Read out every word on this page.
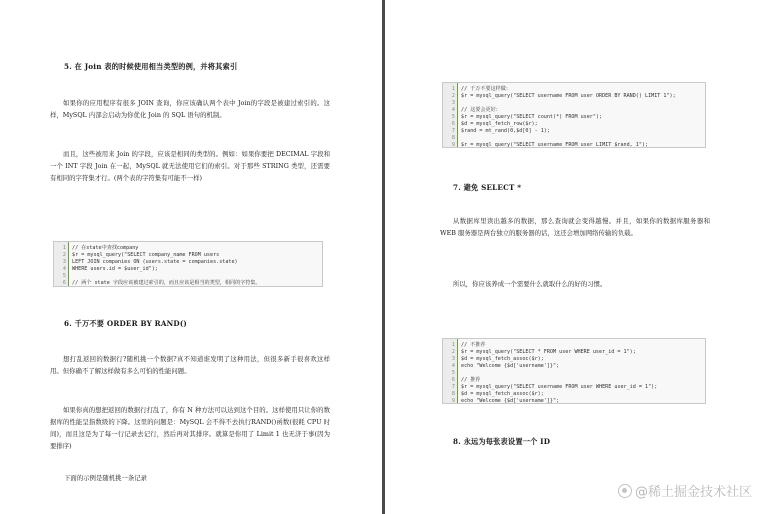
5. 在 Join 表的时候使用相当类型的例，并将其索引
如果你的应用程序有很多 JOIN 查询，你应该确认两个表中 Join的字段是被建过索引的。这样，MySQL 内部会启动为你优化 Join 的 SQL 语句的机制。
而且，这些被用来 Join 的字段，应该是相同的类型的。例如：如果你要把 DECIMAL 字段和一个 INT 字段 Join 在一起，MySQL 就无法使用它们的索引。对于那些 STRING 类型，还需要有相同的字符集才行。(两个表的字符集有可能不一样)
1 // 在state中查找company
2 $r = mysql_query("SELECT company_name FROM users
3 LEFT JOIN companies ON (users.state = companies.state)
4 WHERE users.id = $user_id");
5
6 // 两个 state 字段应该被建过索引的，而且应该是相当的类型，相同的字符集。
6. 千万不要 ORDER BY RAND()
想打乱返回的数据行?随机挑一个数据?真不知道谁发明了这种用法，但很多新手很喜欢这样用。但你确不了解这样做有多么可怕的性能问题。
如果你真的想把返回的数据行打乱了，你有 N 种方法可以达到这个目的。这样使用只让你的数据库的性能呈指数级的下降。这里的问题是：MySQL 会不得不去执行RAND()函数(很耗 CPU 时间)，而且这是为了每一行记录去记行，然后再对其排序。就算是你用了 Limit 1 也无济于事(因为要排序)
下面的示例是随机挑一条记录
1 // 千万不要这样做：
2 $r = mysql_query("SELECT username FROM user ORDER BY RAND() LIMIT 1");
3
4 // 这要会更好：
5 $r = mysql_query("SELECT count(*) FROM user");
6 $d = mysql_fetch_row($r);
7 $rand = mt_rand(0,$d[0] - 1);
8
9 $r = mysql_query("SELECT username FROM user LIMIT $rand, 1");
7. 避免 SELECT *
从数据库里读出越多的数据，那么查询就会变得越慢。并且，如果你的数据库服务器和WEB 服务器是两台独立的服务器的话，这还会增加网络传输的负载。
所以，你应该养成一个需要什么就取什么的好的习惯。
1 // 不推荐
2 $r = mysql_query("SELECT * FROM user WHERE user_id = 1");
3 $d = mysql_fetch_assoc($r);
4 echo "Welcome {$d['username']}";
5
6 // 推荐
7 $r = mysql_query("SELECT username FROM user WHERE user_id = 1");
8 $d = mysql_fetch_assoc($r);
9 echo "Welcome {$d['username']}";
8. 永远为每张表设置一个 ID
@稀土掘金技术社区
